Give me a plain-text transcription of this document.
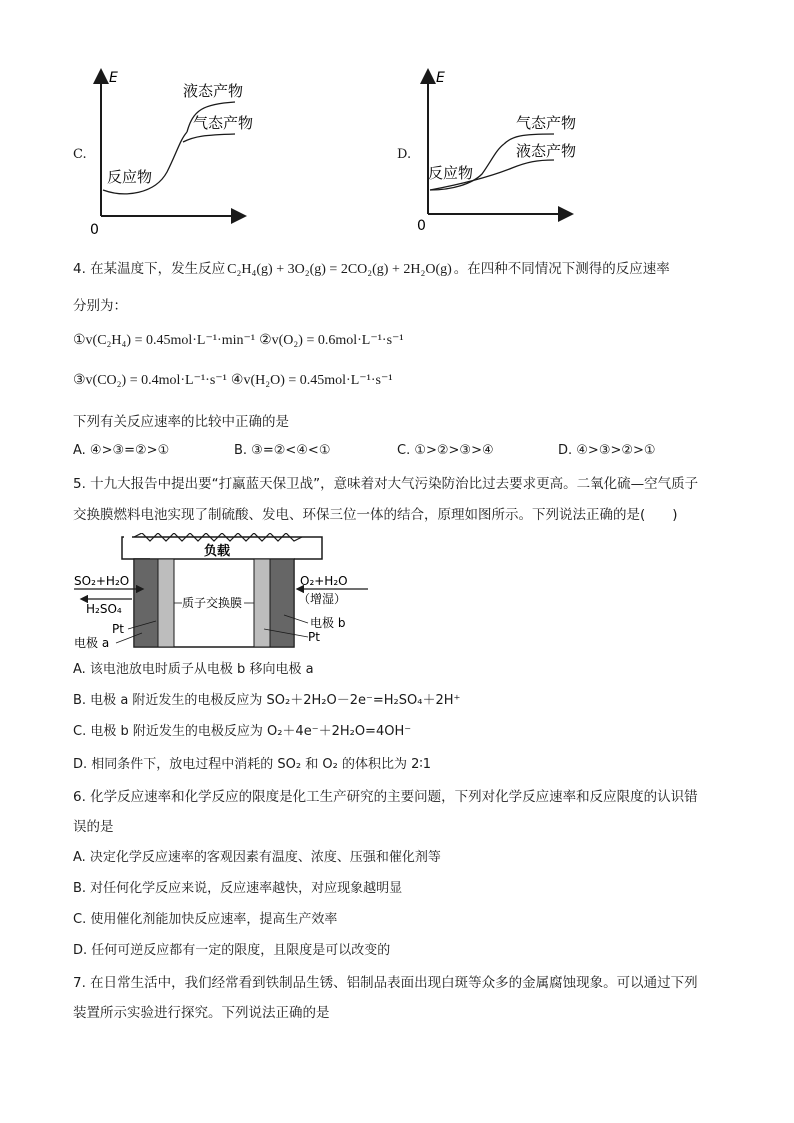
C.
E
0
反应物
液态产物
气态产物
D.
E
0
反应物
气态产物
液态产物
4. 在某温度下，发生反应 C₂H₄(g) + 3O₂(g) = 2CO₂(g) + 2H₂O(g) 。在四种不同情况下测得的反应速率
分别为：
①v(C₂H₄) = 0.45mol·L⁻¹·min⁻¹ ②v(O₂) = 0.6mol·L⁻¹·s⁻¹
③v(CO₂) = 0.4mol·L⁻¹·s⁻¹ ④v(H₂O) = 0.45mol·L⁻¹·s⁻¹
下列有关反应速率的比较中正确的是
A. ④>③=②>①	B. ③=②<④<①	C. ①>②>③>④	D. ④>③>②>①
5. 十九大报告中提出要“打赢蓝天保卫战”，意味着对大气污染防治比过去要求更高。二氧化硫—空气质子
交换膜燃料电池实现了制硫酸、发电、环保三位一体的结合，原理如图所示。下列说法正确的是(　　)
负载
SO₂+H₂O
H₂SO₄
Pt
电极 a
质子交换膜
O₂+H₂O
（增湿）
电极 b
Pt
A. 该电池放电时质子从电极 b 移向电极 a
B. 电极 a 附近发生的电极反应为 SO₂＋2H₂O－2e⁻=H₂SO₄＋2H⁺
C. 电极 b 附近发生的电极反应为 O₂＋4e⁻＋2H₂O=4OH⁻
D. 相同条件下，放电过程中消耗的 SO₂ 和 O₂ 的体积比为 2∶1
6. 化学反应速率和化学反应的限度是化工生产研究的主要问题，下列对化学反应速率和反应限度的认识错
误的是
A. 决定化学反应速率的客观因素有温度、浓度、压强和催化剂等
B. 对任何化学反应来说，反应速率越快，对应现象越明显
C. 使用催化剂能加快反应速率，提高生产效率
D. 任何可逆反应都有一定的限度，且限度是可以改变的
7. 在日常生活中，我们经常看到铁制品生锈、铝制品表面出现白斑等众多的金属腐蚀现象。可以通过下列
装置所示实验进行探究。下列说法正确的是
